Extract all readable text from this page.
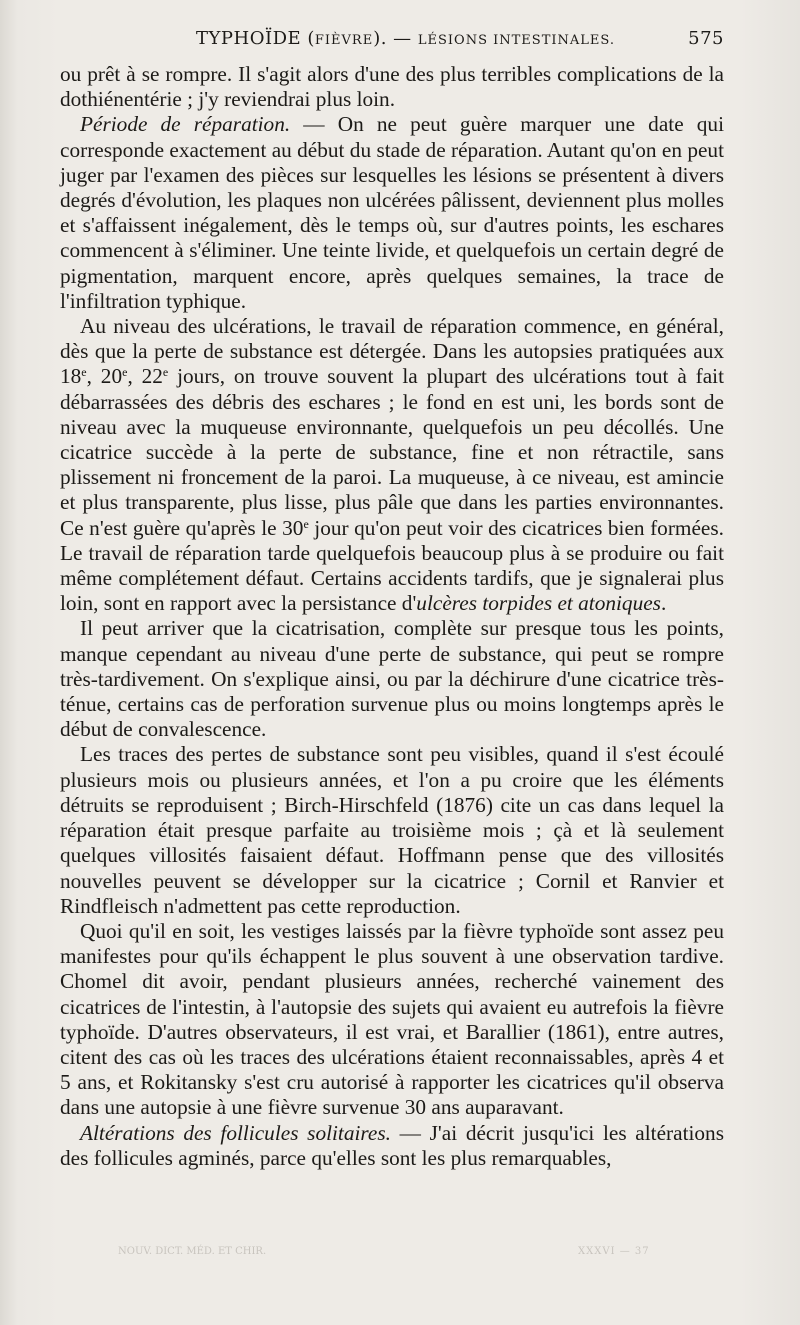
TYPHOÏDE (FIÈVRE). — LÉSIONS INTESTINALES.	575

ou prêt à se rompre. Il s'agit alors d'une des plus terribles complications de la dothiénentérie ; j'y reviendrai plus loin.

Période de réparation. — On ne peut guère marquer une date qui corresponde exactement au début du stade de réparation. Autant qu'on en peut juger par l'examen des pièces sur lesquelles les lésions se présentent à divers degrés d'évolution, les plaques non ulcérées pâlissent, deviennent plus molles et s'affaissent inégalement, dès le temps où, sur d'autres points, les eschares commencent à s'éliminer. Une teinte livide, et quelquefois un certain degré de pigmentation, marquent encore, après quelques semaines, la trace de l'infiltration typhique.

Au niveau des ulcérations, le travail de réparation commence, en général, dès que la perte de substance est détergée. Dans les autopsies pratiquées aux 18e, 20e, 22e jours, on trouve souvent la plupart des ulcérations tout à fait débarrassées des débris des eschares ; le fond en est uni, les bords sont de niveau avec la muqueuse environnante, quelquefois un peu décollés. Une cicatrice succède à la perte de substance, fine et non rétractile, sans plissement ni froncement de la paroi. La muqueuse, à ce niveau, est amincie et plus transparente, plus lisse, plus pâle que dans les parties environnantes. Ce n'est guère qu'après le 30e jour qu'on peut voir des cicatrices bien formées. Le travail de réparation tarde quelquefois beaucoup plus à se produire ou fait même complétement défaut. Certains accidents tardifs, que je signalerai plus loin, sont en rapport avec la persistance d'ulcères torpides et atoniques.

Il peut arriver que la cicatrisation, complète sur presque tous les points, manque cependant au niveau d'une perte de substance, qui peut se rompre très-tardivement. On s'explique ainsi, ou par la déchirure d'une cicatrice très-ténue, certains cas de perforation survenue plus ou moins longtemps après le début de convalescence.

Les traces des pertes de substance sont peu visibles, quand il s'est écoulé plusieurs mois ou plusieurs années, et l'on a pu croire que les éléments détruits se reproduisent ; Birch-Hirschfeld (1876) cite un cas dans lequel la réparation était presque parfaite au troisième mois ; çà et là seulement quelques villosités faisaient défaut. Hoffmann pense que des villosités nouvelles peuvent se développer sur la cicatrice ; Cornil et Ranvier et Rindfleisch n'admettent pas cette reproduction.

Quoi qu'il en soit, les vestiges laissés par la fièvre typhoïde sont assez peu manifestes pour qu'ils échappent le plus souvent à une observation tardive. Chomel dit avoir, pendant plusieurs années, recherché vainement des cicatrices de l'intestin, à l'autopsie des sujets qui avaient eu autrefois la fièvre typhoïde. D'autres observateurs, il est vrai, et Barallier (1861), entre autres, citent des cas où les traces des ulcérations étaient reconnaissables, après 4 et 5 ans, et Rokitansky s'est cru autorisé à rapporter les cicatrices qu'il observa dans une autopsie à une fièvre survenue 30 ans auparavant.

Altérations des follicules solitaires. — J'ai décrit jusqu'ici les altérations des follicules agminés, parce qu'elles sont les plus remarquables,

NOUV. DICT. MÉD. ET CHIR.	XXXVI — 37
